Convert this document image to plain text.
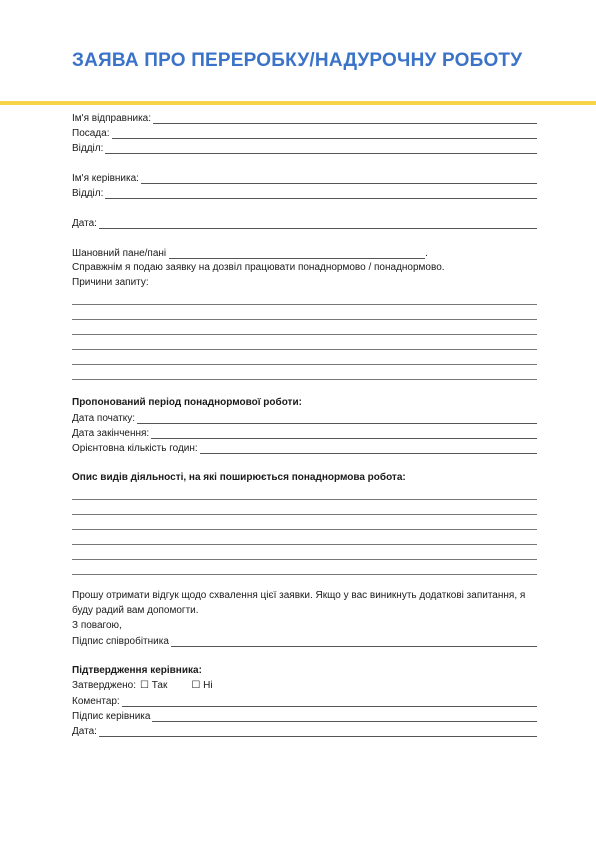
ЗАЯВА ПРО ПЕРЕРОБКУ/НАДУРОЧНУ РОБОТУ
Ім'я відправника:
Посада:
Відділ:
Ім'я керівника:
Відділ:
Дата:
Шановний пане/пані	.
Справжнім я подаю заявку на дозвіл працювати понаднормово / понаднормово.
Причини запиту:
Пропонований період понаднормової роботи:
Дата початку:
Дата закінчення:
Орієнтовна кількість годин:
Опис видів діяльності, на які поширюється понаднормова робота:
Прошу отримати відгук щодо схвалення цієї заявки. Якщо у вас виникнуть додаткові запитання, я буду радий вам допомогти.
З повагою,
Підпис співробітника
Підтвердження керівника:
Затверджено: ☐ Так ☐ Ні
Коментар:
Підпис керівника
Дата:
